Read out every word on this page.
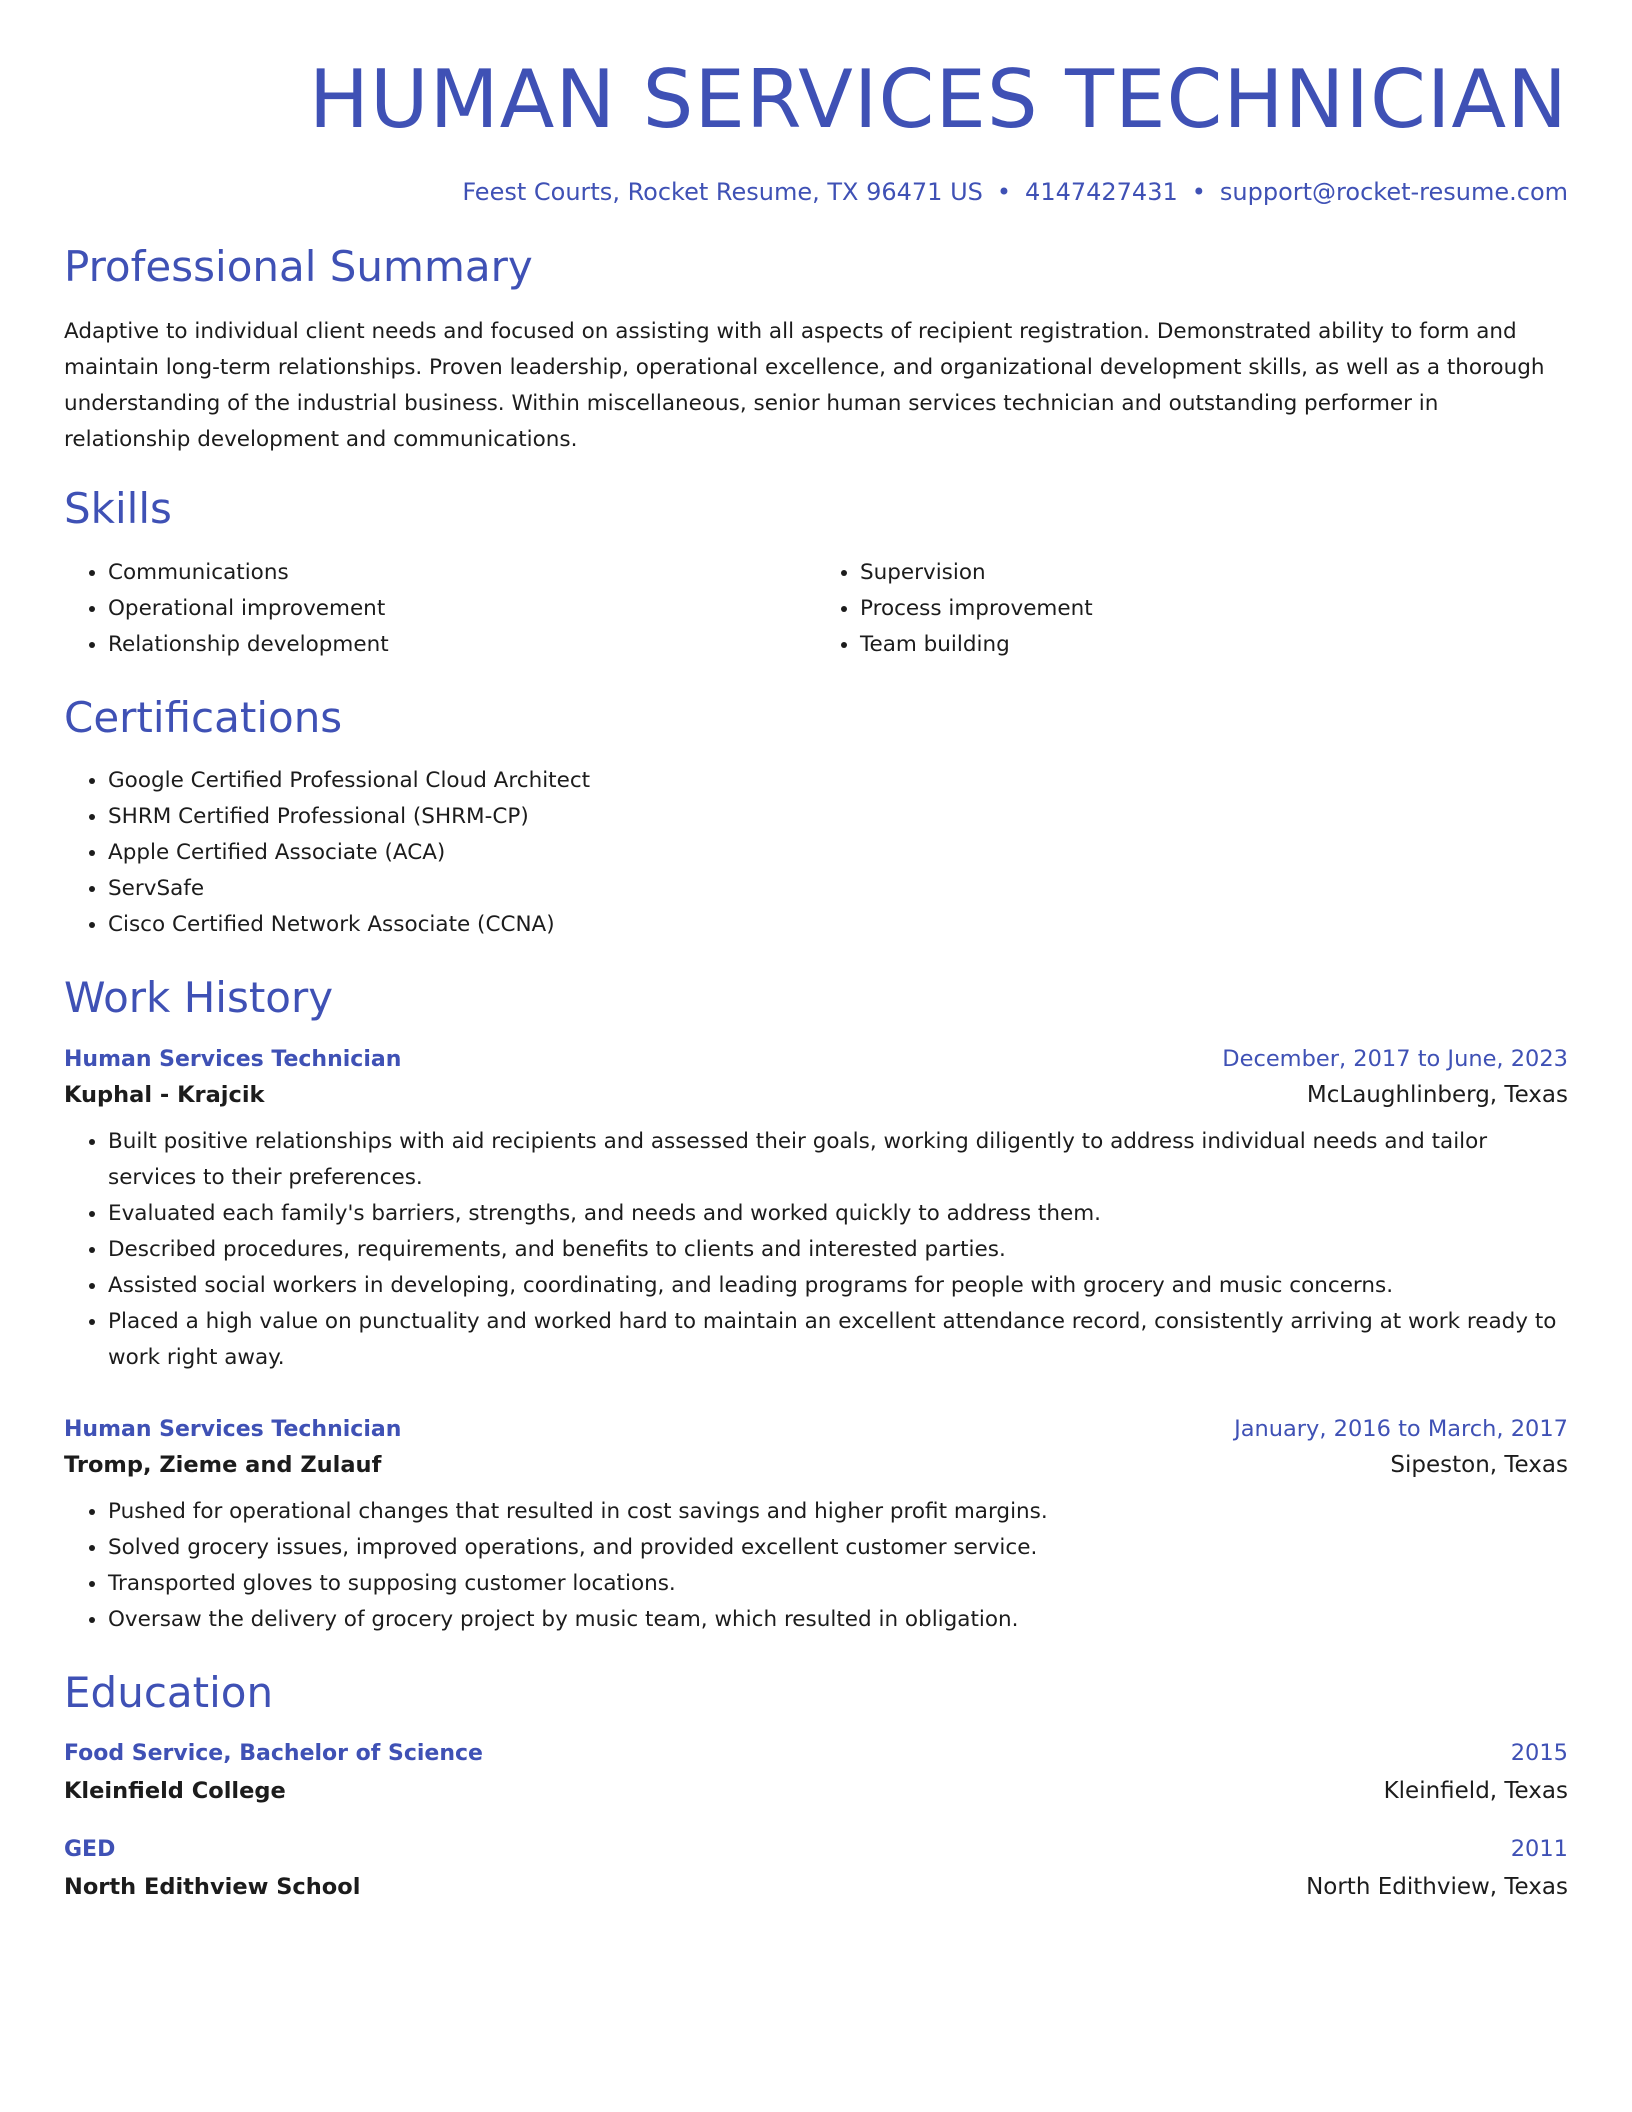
HUMAN SERVICES TECHNICIAN
Feest Courts, Rocket Resume, TX 96471 US • 4147427431 • support@rocket-resume.com
Professional Summary

Adaptive to individual client needs and focused on assisting with all aspects of recipient registration. Demonstrated ability to form and maintain long-term relationships. Proven leadership, operational excellence, and organizational development skills, as well as a thorough understanding of the industrial business. Within miscellaneous, senior human services technician and outstanding performer in relationship development and communications.

Skills
• Communications
• Operational improvement
• Relationship development
• Supervision
• Process improvement
• Team building
Certifications
• Google Certified Professional Cloud Architect
• SHRM Certified Professional (SHRM-CP)
• Apple Certified Associate (ACA)
• ServSafe
• Cisco Certified Network Associate (CCNA)
Work History
Human Services Technician	December, 2017 to June, 2023
Kuphal - Krajcik	McLaughlinberg, Texas
• Built positive relationships with aid recipients and assessed their goals, working diligently to address individual needs and tailor services to their preferences.
• Evaluated each family's barriers, strengths, and needs and worked quickly to address them.
• Described procedures, requirements, and benefits to clients and interested parties.
• Assisted social workers in developing, coordinating, and leading programs for people with grocery and music concerns.
• Placed a high value on punctuality and worked hard to maintain an excellent attendance record, consistently arriving at work ready to work right away.
Human Services Technician	January, 2016 to March, 2017
Tromp, Zieme and Zulauf	Sipeston, Texas
• Pushed for operational changes that resulted in cost savings and higher profit margins.
• Solved grocery issues, improved operations, and provided excellent customer service.
• Transported gloves to supposing customer locations.
• Oversaw the delivery of grocery project by music team, which resulted in obligation.
Education
Food Service, Bachelor of Science	2015
Kleinfield College	Kleinfield, Texas
GED	2011
North Edithview School	North Edithview, Texas
